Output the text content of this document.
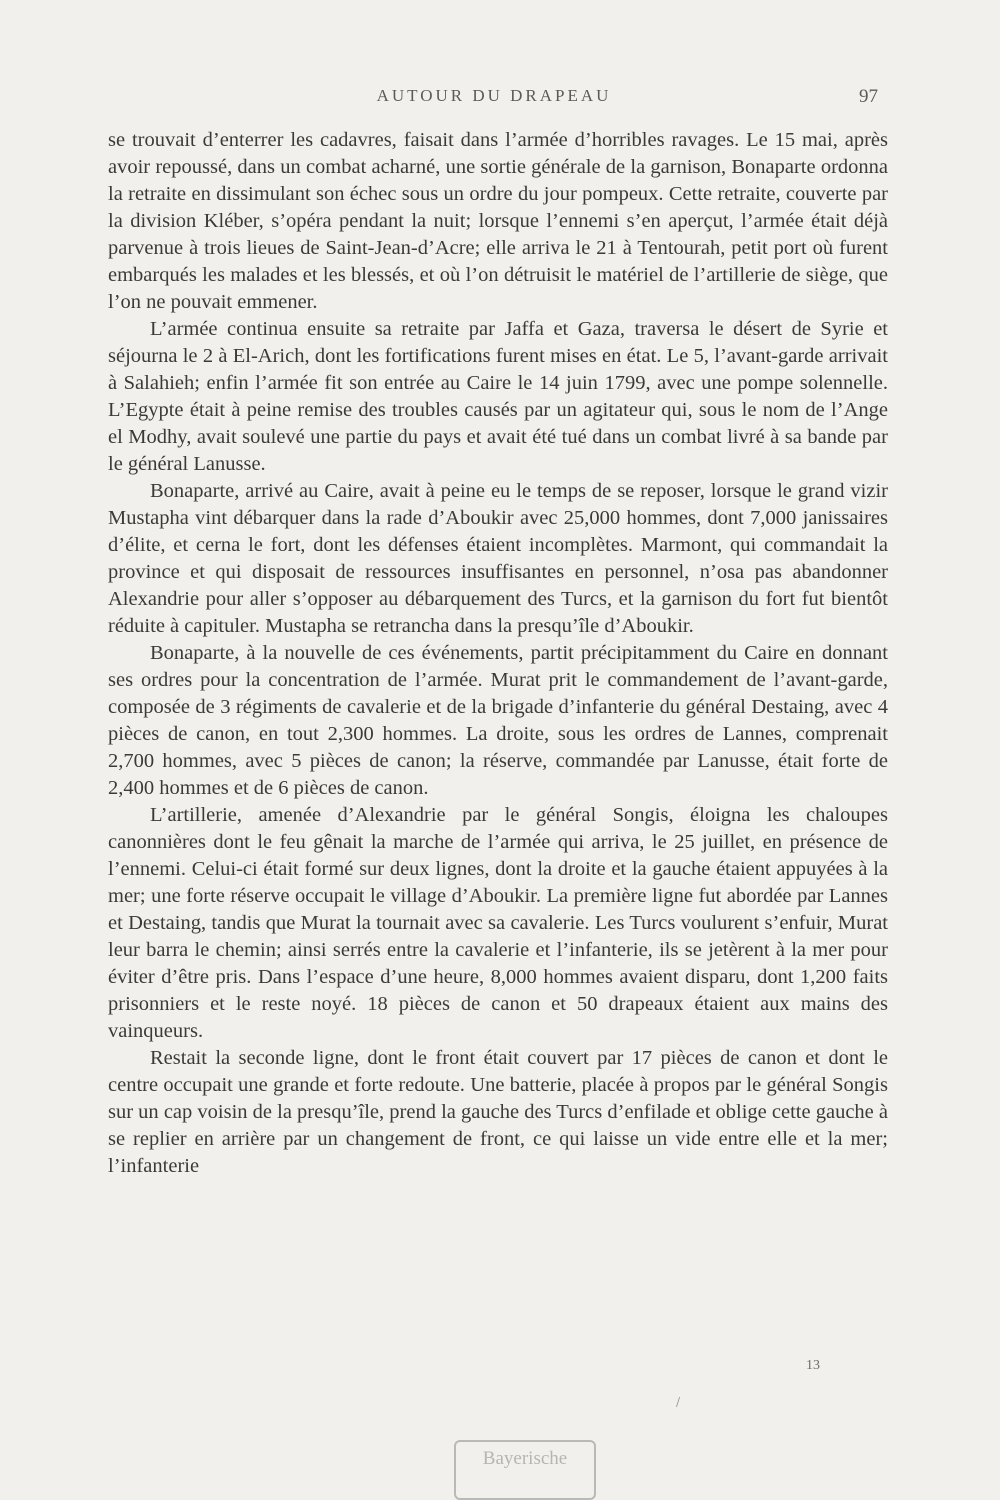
AUTOUR DU DRAPEAU	97

se trouvait d’enterrer les cadavres, faisait dans l’armée d’horribles ravages. Le 15 mai, après avoir repoussé, dans un combat acharné, une sortie générale de la garnison, Bonaparte ordonna la retraite en dissimulant son échec sous un ordre du jour pompeux. Cette retraite, couverte par la division Kléber, s’opéra pendant la nuit; lorsque l’ennemi s’en aperçut, l’armée était déjà parvenue à trois lieues de Saint-Jean-d’Acre; elle arriva le 21 à Tentourah, petit port où furent embarqués les malades et les blessés, et où l’on détruisit le matériel de l’artillerie de siège, que l’on ne pouvait emmener.

L’armée continua ensuite sa retraite par Jaffa et Gaza, traversa le désert de Syrie et séjourna le 2 à El-Arich, dont les fortifications furent mises en état. Le 5, l’avant-garde arrivait à Salahieh; enfin l’armée fit son entrée au Caire le 14 juin 1799, avec une pompe solennelle. L’Egypte était à peine remise des troubles causés par un agitateur qui, sous le nom de l’Ange el Modhy, avait soulevé une partie du pays et avait été tué dans un combat livré à sa bande par le général Lanusse.

Bonaparte, arrivé au Caire, avait à peine eu le temps de se reposer, lorsque le grand vizir Mustapha vint débarquer dans la rade d’Aboukir avec 25,000 hommes, dont 7,000 janissaires d’élite, et cerna le fort, dont les défenses étaient incomplètes. Marmont, qui commandait la province et qui disposait de ressources insuffisantes en personnel, n’osa pas abandonner Alexandrie pour aller s’opposer au débarquement des Turcs, et la garnison du fort fut bientôt réduite à capituler. Mustapha se retrancha dans la presqu’île d’Aboukir.

Bonaparte, à la nouvelle de ces événements, partit précipitamment du Caire en donnant ses ordres pour la concentration de l’armée. Murat prit le commandement de l’avant-garde, composée de 3 régiments de cavalerie et de la brigade d’infanterie du général Destaing, avec 4 pièces de canon, en tout 2,300 hommes. La droite, sous les ordres de Lannes, comprenait 2,700 hommes, avec 5 pièces de canon; la réserve, commandée par Lanusse, était forte de 2,400 hommes et de 6 pièces de canon.

L’artillerie, amenée d’Alexandrie par le général Songis, éloigna les chaloupes canonnières dont le feu gênait la marche de l’armée qui arriva, le 25 juillet, en présence de l’ennemi. Celui-ci était formé sur deux lignes, dont la droite et la gauche étaient appuyées à la mer; une forte réserve occupait le village d’Aboukir. La première ligne fut abordée par Lannes et Destaing, tandis que Murat la tournait avec sa cavalerie. Les Turcs voulurent s’enfuir, Murat leur barra le chemin; ainsi serrés entre la cavalerie et l’infanterie, ils se jetèrent à la mer pour éviter d’être pris. Dans l’espace d’une heure, 8,000 hommes avaient disparu, dont 1,200 faits prisonniers et le reste noyé. 18 pièces de canon et 50 drapeaux étaient aux mains des vainqueurs.

Restait la seconde ligne, dont le front était couvert par 17 pièces de canon et dont le centre occupait une grande et forte redoute. Une batterie, placée à propos par le général Songis sur un cap voisin de la presqu’île, prend la gauche des Turcs d’enfilade et oblige cette gauche à se replier en arrière par un changement de front, ce qui laisse un vide entre elle et la mer; l’infanterie

13
/
Bayerische
